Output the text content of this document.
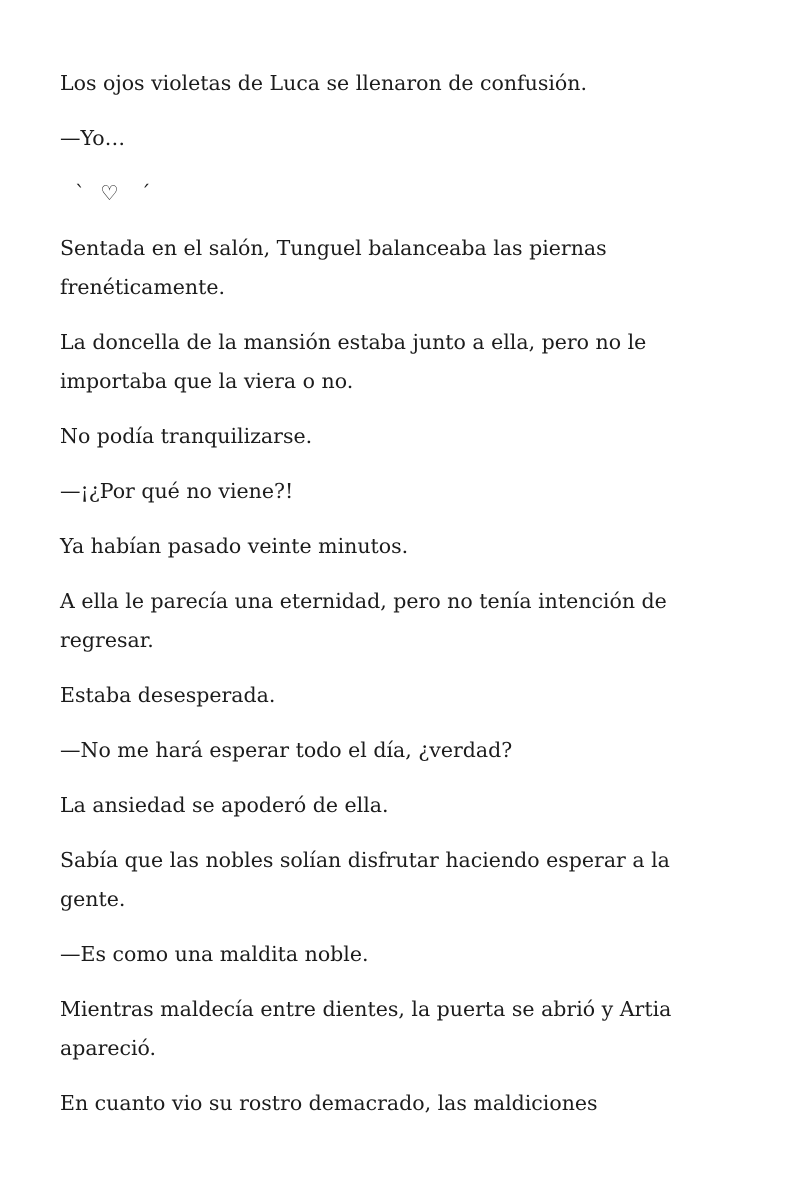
Los ojos violetas de Luca se llenaron de confusión.

—Yo…

⠀`⠀♡ ⠀´⠀

Sentada en el salón, Tunguel balanceaba las piernas frenéticamente.

La doncella de la mansión estaba junto a ella, pero no le importaba que la viera o no.

No podía tranquilizarse.

—¡¿Por qué no viene?!

Ya habían pasado veinte minutos.

A ella le parecía una eternidad, pero no tenía intención de regresar.

Estaba desesperada.

—No me hará esperar todo el día, ¿verdad?

La ansiedad se apoderó de ella.

Sabía que las nobles solían disfrutar haciendo esperar a la gente.

—Es como una maldita noble.

Mientras maldecía entre dientes, la puerta se abrió y Artia apareció.

En cuanto vio su rostro demacrado, las maldiciones
